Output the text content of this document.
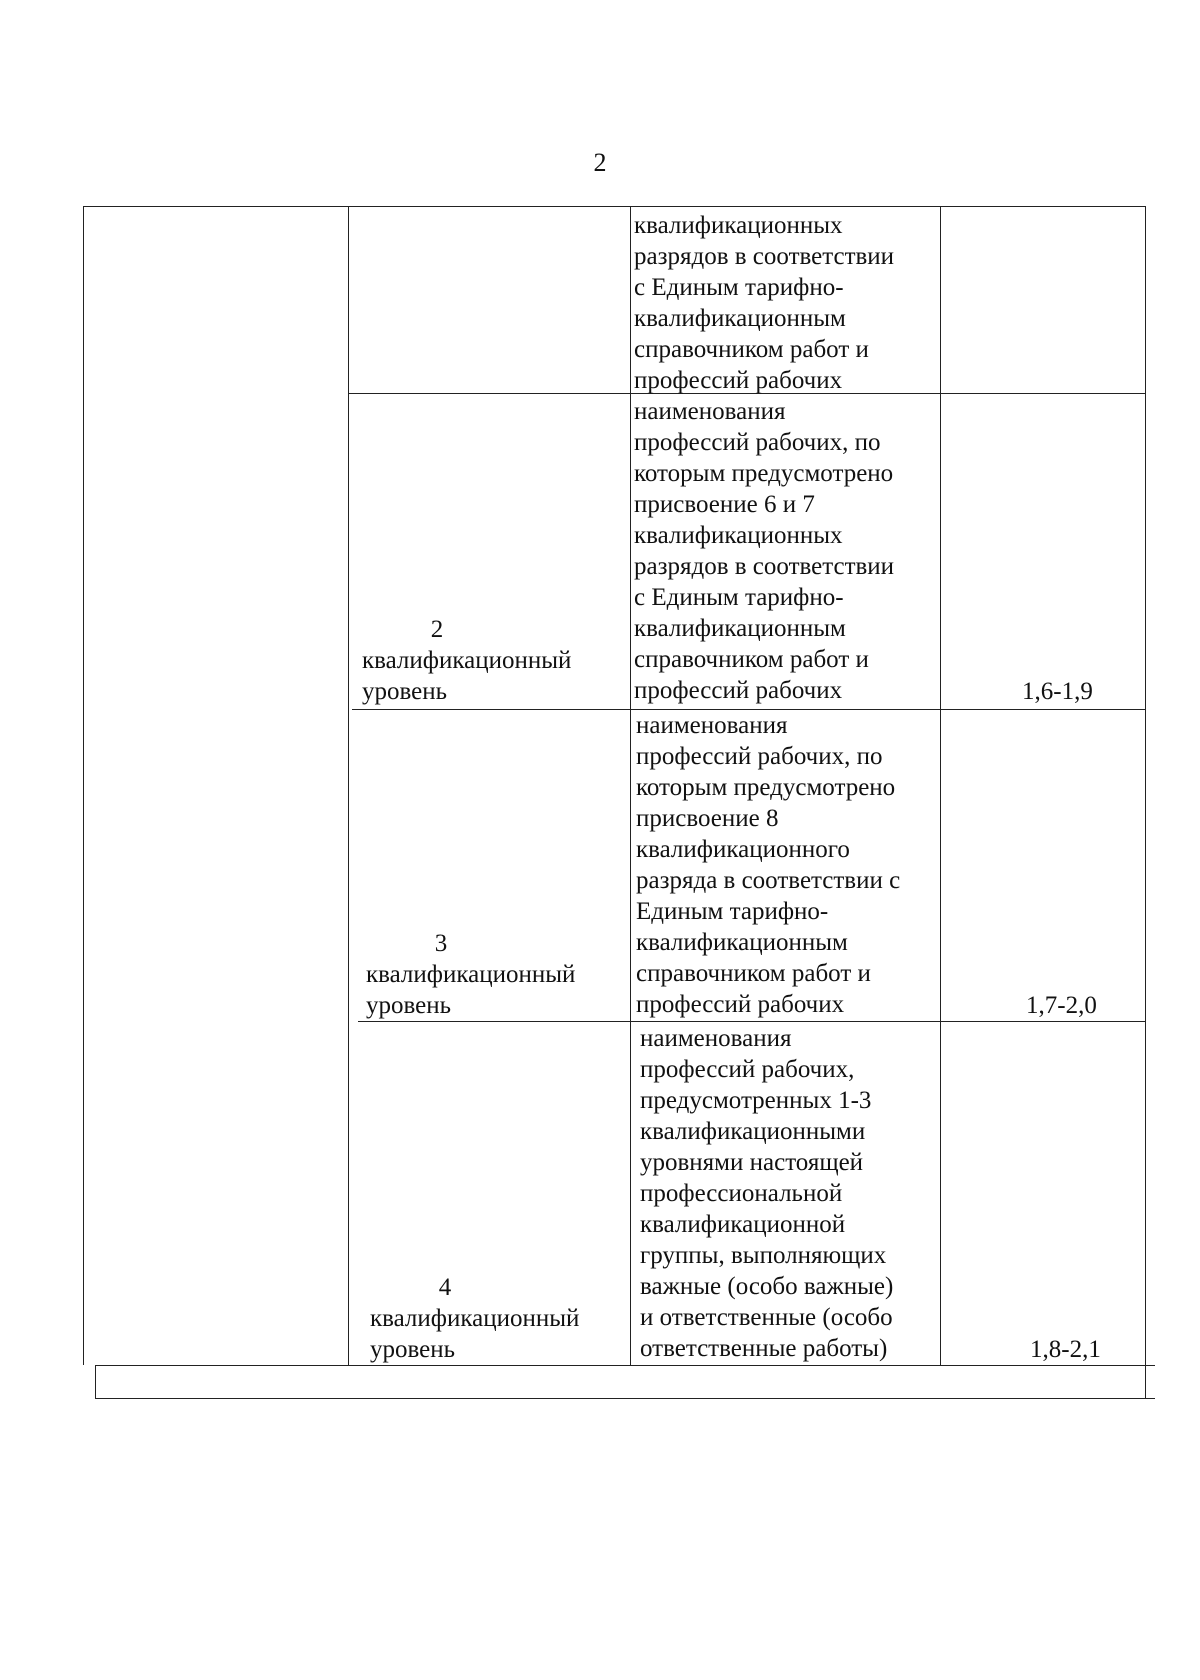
2
квалификационных
разрядов в соответствии
с Единым тарифно-
квалификационным
справочником работ и
профессий рабочих
2
квалификационный
уровень
наименования
профессий рабочих, по
которым предусмотрено
присвоение 6 и 7
квалификационных
разрядов в соответствии
с Единым тарифно-
квалификационным
справочником работ и
профессий рабочих	1,6-1,9
3
квалификационный
уровень
наименования
профессий рабочих, по
которым предусмотрено
присвоение 8
квалификационного
разряда в соответствии с
Единым тарифно-
квалификационным
справочником работ и
профессий рабочих	1,7-2,0
4
квалификационный
уровень
наименования
профессий рабочих,
предусмотренных 1-3
квалификационными
уровнями настоящей
профессиональной
квалификационной
группы, выполняющих
важные (особо важные)
и ответственные (особо
ответственные работы)	1,8-2,1
